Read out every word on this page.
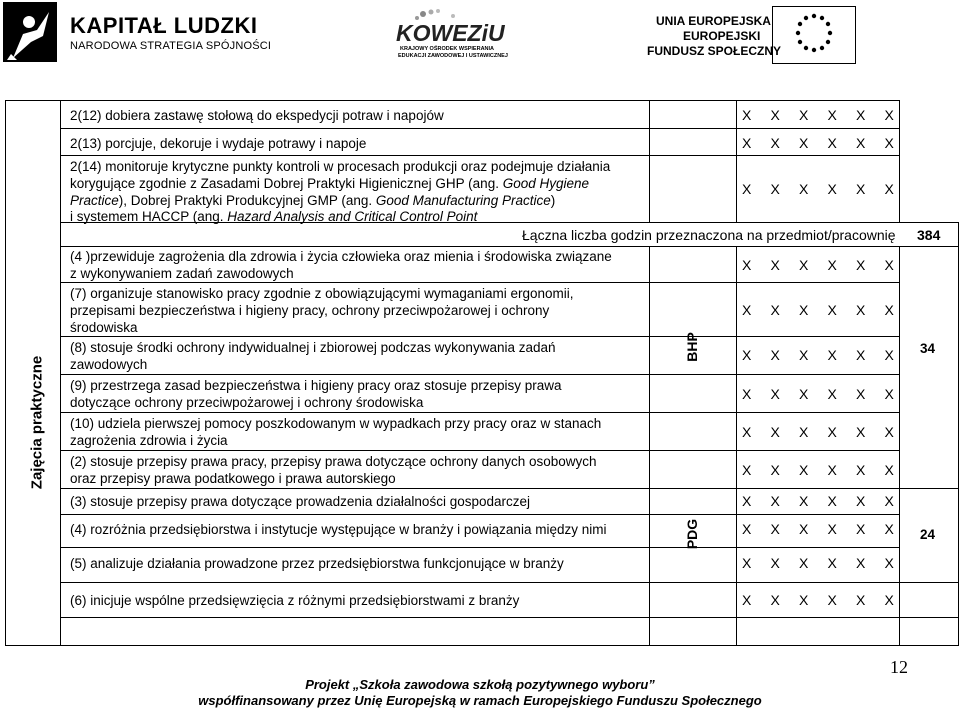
KAPITAŁ LUDZKI
NARODOWA STRATEGIA SPÓJNOŚCI	KOWEZiU
KRAJOWY OŚRODEK WSPIERANIA
EDUKACJI ZAWODOWEJ I USTAWICZNEJ
UNIA EUROPEJSKA
EUROPEJSKI
FUNDUSZ SPOŁECZNY
Zajęcia praktyczne
2(12) dobiera zastawę stołową do ekspedycji potraw i napojów	X X X X X X
2(13) porcjuje, dekoruje i wydaje potrawy i napoje	X X X X X X
2(14) monitoruje krytyczne punkty kontroli w procesach produkcji oraz podejmuje działania
korygujące zgodnie z Zasadami Dobrej Praktyki Higienicznej GHP (ang. Good Hygiene
Practice), Dobrej Praktyki Produkcyjnej GMP (ang. Good Manufacturing Practice)
i systemem HACCP (ang. Hazard Analysis and Critical Control Point
X X X X X X
Łączna liczba godzin przeznaczona na przedmiot/pracownię 384
BHP	34
(4 )przewiduje zagrożenia dla zdrowia i życia człowieka oraz mienia i środowiska związane
z wykonywaniem zadań zawodowych
X X X X X X
(7) organizuje stanowisko pracy zgodnie z obowiązującymi wymaganiami ergonomii,
przepisami bezpieczeństwa i higieny pracy, ochrony przeciwpożarowej i ochrony
środowiska
X X X X X X
(8) stosuje środki ochrony indywidualnej i zbiorowej podczas wykonywania zadań
zawodowych
X X X X X X
(9) przestrzega zasad bezpieczeństwa i higieny pracy oraz stosuje przepisy prawa
dotyczące ochrony przeciwpożarowej i ochrony środowiska
X X X X X X
(10) udziela pierwszej pomocy poszkodowanym w wypadkach przy pracy oraz w stanach
zagrożenia zdrowia i życia
X X X X X X
PDG	24
(2) stosuje przepisy prawa pracy, przepisy prawa dotyczące ochrony danych osobowych
oraz przepisy prawa podatkowego i prawa autorskiego
X X X X X X
(3) stosuje przepisy prawa dotyczące prowadzenia działalności gospodarczej	X X X X X X
(4) rozróżnia przedsiębiorstwa i instytucje występujące w branży i powiązania między nimi	X X X X X X
(5) analizuje działania prowadzone przez przedsiębiorstwa funkcjonujące w branży	X X X X X X
(6) inicjuje wspólne przedsięwzięcia z różnymi przedsiębiorstwami z branży	X X X X X X
12
Projekt „Szkoła zawodowa szkołą pozytywnego wyboru”
współfinansowany przez Unię Europejską w ramach Europejskiego Funduszu Społecznego
